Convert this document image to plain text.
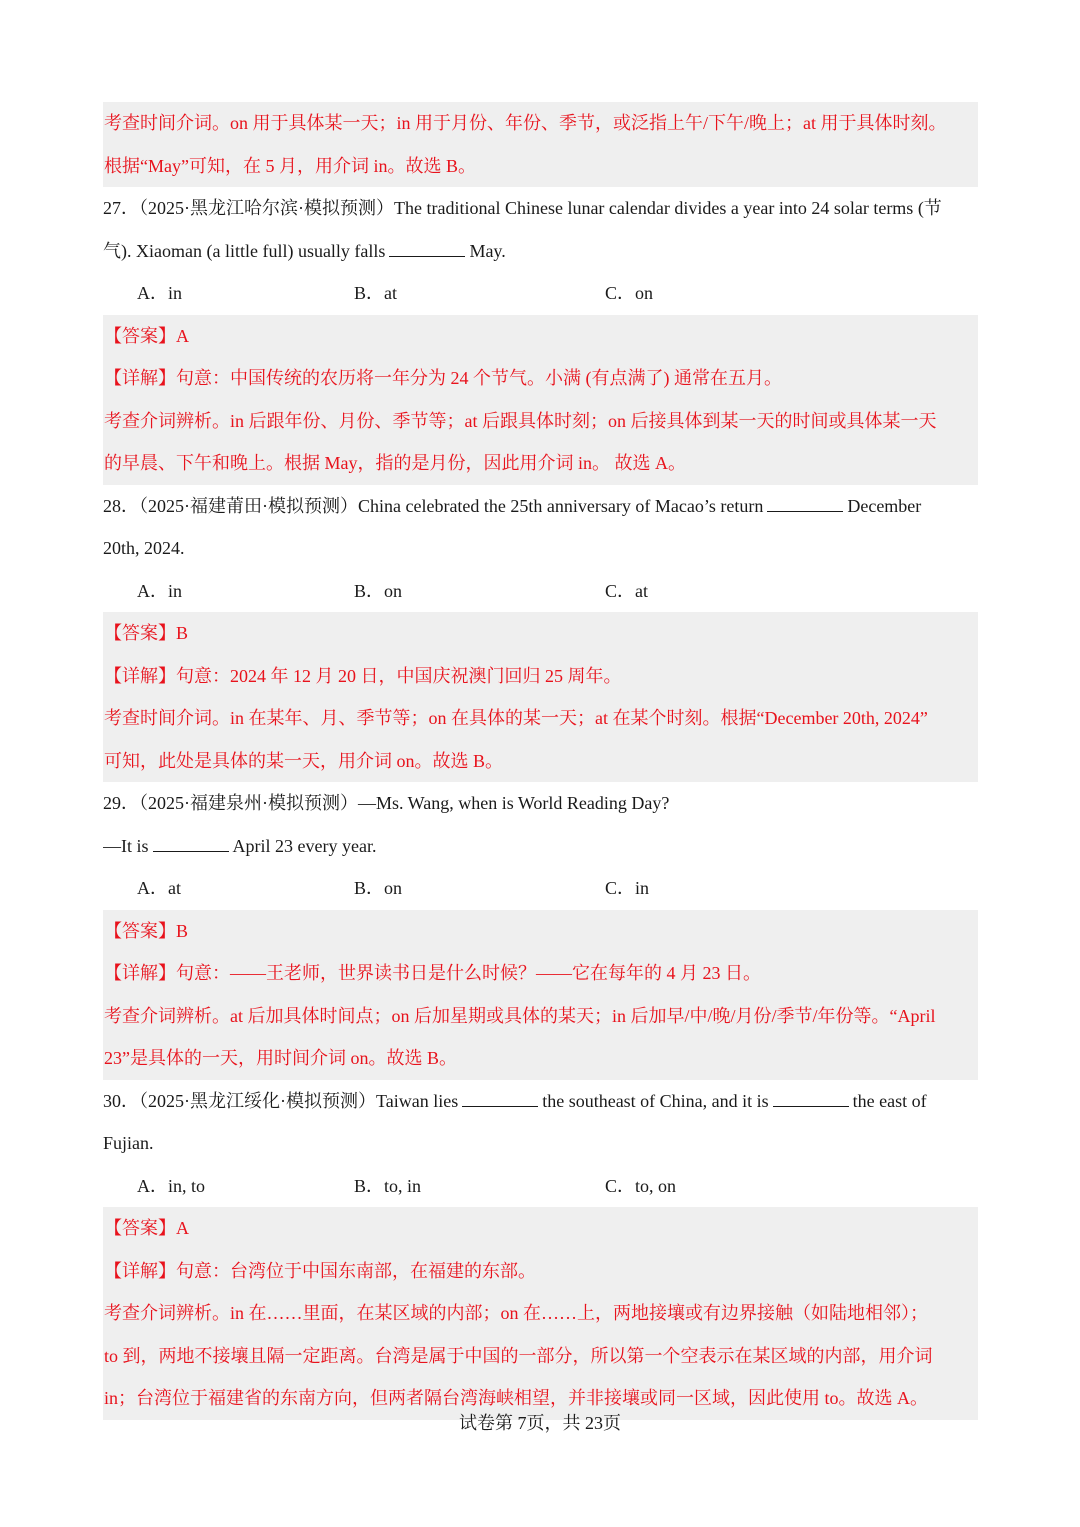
考查时间介词。on 用于具体某一天；in 用于月份、年份、季节，或泛指上午/下午/晚上；at 用于具体时刻。
根据“May”可知，在 5 月，用介词 in。故选 B。
27．（2025·黑龙江哈尔滨·模拟预测）The traditional Chinese lunar calendar divides a year into 24 solar terms (节
气). Xiaoman (a little full) usually falls	May.
A．in	B．at	C．on
【答案】A
【详解】句意：中国传统的农历将一年分为 24 个节气。小满 (有点满了) 通常在五月。
考查介词辨析。in 后跟年份、月份、季节等；at 后跟具体时刻；on 后接具体到某一天的时间或具体某一天
的早晨、下午和晚上。根据 May，指的是月份，因此用介词 in。 故选 A。
28．（2025·福建莆田·模拟预测）China celebrated the 25th anniversary of Macao’s return	December
20th, 2024.
A．in	B．on	C．at
【答案】B
【详解】句意：2024 年 12 月 20 日，中国庆祝澳门回归 25 周年。
考查时间介词。in 在某年、月、季节等；on 在具体的某一天；at 在某个时刻。根据“December 20th, 2024”
可知，此处是具体的某一天，用介词 on。故选 B。
29．（2025·福建泉州·模拟预测）—Ms. Wang, when is World Reading Day?
—It is	April 23 every year.
A．at	B．on	C．in
【答案】B
【详解】句意：——王老师，世界读书日是什么时候？——它在每年的 4 月 23 日。
考查介词辨析。at 后加具体时间点；on 后加星期或具体的某天；in 后加早/中/晚/月份/季节/年份等。“April
23”是具体的一天，用时间介词 on。故选 B。
30．（2025·黑龙江绥化·模拟预测）Taiwan lies	the southeast of China, and it is	the east of
Fujian.
A．in, to	B．to, in	C．to, on
【答案】A
【详解】句意：台湾位于中国东南部，在福建的东部。
考查介词辨析。in 在……里面，在某区域的内部；on 在……上，两地接壤或有边界接触（如陆地相邻）；
to 到，两地不接壤且隔一定距离。台湾是属于中国的一部分，所以第一个空表示在某区域的内部，用介词
in；台湾位于福建省的东南方向，但两者隔台湾海峡相望，并非接壤或同一区域，因此使用 to。故选 A。
试卷第 7页，共 23页
